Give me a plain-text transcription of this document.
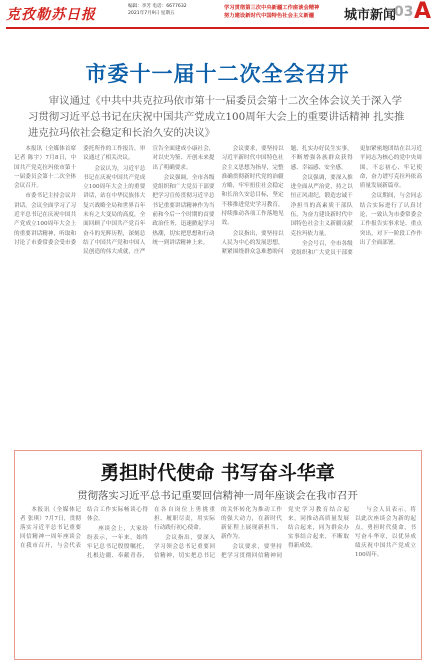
克孜勒苏日报
编辑：李芳 电话：6677632
2021年7月9日 星期五
学习贯彻第三次中央新疆工作座谈会精神
努力建设新时代中国特色社会主义新疆	城市新闻
03 A
市委十一届十二次全会召开
审议通过《中共中共克拉玛依市第十一届委员会第十二次全体会议关于深入学习贯彻习近平总书记在庆祝中国共产党成立100周年大会上的重要讲话精神 扎实推进克拉玛依社会稳定和长治久安的决议》

本报讯（全媒体首席记者 陈宇）7月8日，中国共产党克拉玛依市第十一届委员会第十二次全体会议召开。

市委书记主持会议并讲话。会议全面学习了习近平总书记在庆祝中国共产党成立100周年大会上的重要讲话精神，听取和讨论了市委常委会受市委委托所作的工作报告，审议通过了相关决议。

会议认为，习近平总书记在庆祝中国共产党成立100周年大会上的重要讲话，站在中华民族伟大复兴战略全局和世界百年未有之大变局的高度，全面回顾了中国共产党百年奋斗的光辉历程，深刻总结了中国共产党和中国人民创造的伟大成就，庄严宣告全面建成小康社会，对以史为鉴、开创未来提出了明确要求。

会议强调，全市各级党组织和广大党员干部要把学习宣传贯彻习近平总书记重要讲话精神作为当前和今后一个时期的首要政治任务，迅速掀起学习热潮，切实把思想和行动统一到讲话精神上来。

会议要求，要坚持以习近平新时代中国特色社会主义思想为指导，完整准确贯彻新时代党的治疆方略，牢牢扭住社会稳定和长治久安总目标，坚定不移推进党史学习教育，持续推动各项工作落地见效。

会议指出，要坚持以人民为中心的发展思想，紧紧围绕群众急难愁盼问题，扎实办好民生实事，不断增强各族群众获得感、幸福感、安全感。

会议强调，要深入推进全面从严治党，持之以恒正风肃纪，锻造忠诚干净担当的高素质干部队伍，为奋力建设新时代中国特色社会主义新疆贡献克拉玛依力量。

全会号召，全市各级党组织和广大党员干部要更加紧密地团结在以习近平同志为核心的党中央周围，不忘初心、牢记使命，奋力谱写克拉玛依高质量发展新篇章。

会议期间，与会同志结合实际进行了认真讨论，一致认为市委常委会工作报告实事求是、重点突出，对下一阶段工作作出了全面部署。

勇担时代使命 书写奋斗华章
贯彻落实习近平总书记重要回信精神一周年座谈会在我市召开

本报讯（全媒体记者 张琪）7月7日，贯彻落实习近平总书记重要回信精神一周年座谈会在我市召开，与会代表结合工作实际畅谈心得体会。

座谈会上，大家纷纷表示，一年来，始终牢记总书记殷殷嘱托，扎根边疆、奉献青春，在各自岗位上勇挑重担、履职尽责，用实际行动践行初心使命。

会议指出，要深入学习领会总书记重要回信精神，切实把总书记的关怀转化为推动工作的强大动力，在新时代新征程上展现新担当、新作为。

会议要求，要坚持把学习贯彻回信精神同党史学习教育结合起来，同推动高质量发展结合起来，同为群众办实事结合起来，不断取得新成效。

与会人员表示，将以此次座谈会为新的起点，勇担时代使命，书写奋斗华章，以优异成绩庆祝中国共产党成立100周年。
